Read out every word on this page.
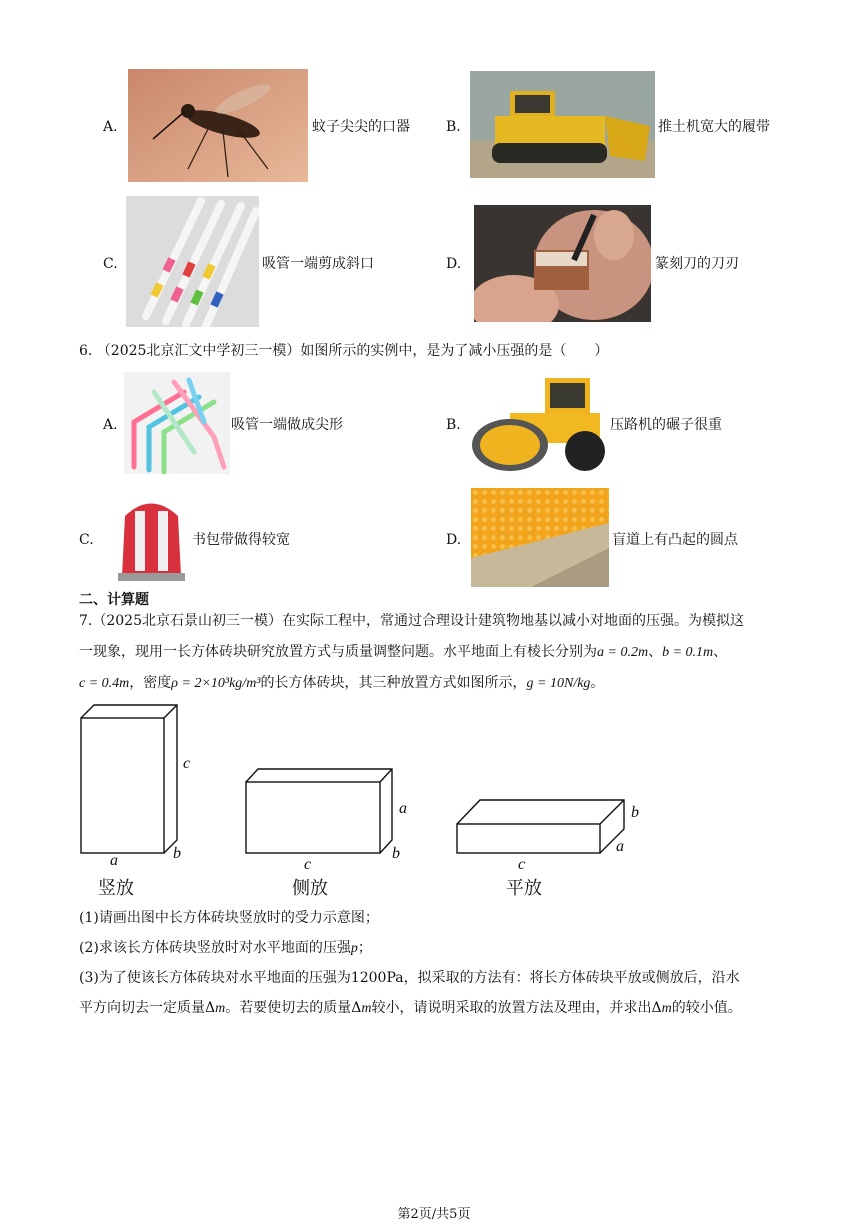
A.	蚊子尖尖的口器	B.	推土机宽大的履带
C.	吸管一端剪成斜口	D.	篆刻刀的刀刃
6. （2025北京汇文中学初三一模）如图所示的实例中，是为了减小压强的是（　　）
A.	吸管一端做成尖形	B.	压路机的碾子很重
C.	书包带做得较宽	D.	盲道上有凸起的圆点
二、计算题
7.（2025北京石景山初三一模）在实际工程中，常通过合理设计建筑物地基以减小对地面的压强。为模拟这
一现象，现用一长方体砖块研究放置方式与质量调整问题。水平地面上有棱长分别为a = 0.2m、b = 0.1m、
c = 0.4m，密度ρ = 2×10³kg/m³的长方体砖块，其三种放置方式如图所示，g = 10N/kg。
c
a	b
a
c
b
b
c
a
竖放	侧放	平放
(1)请画出图中长方体砖块竖放时的受力示意图；
(2)求该长方体砖块竖放时对水平地面的压强p；
(3)为了使该长方体砖块对水平地面的压强为1200Pa，拟采取的方法有：将长方体砖块平放或侧放后，沿水
平方向切去一定质量Δm。若要使切去的质量Δm较小，请说明采取的放置方法及理由，并求出Δm的较小值。
第2页/共5页
